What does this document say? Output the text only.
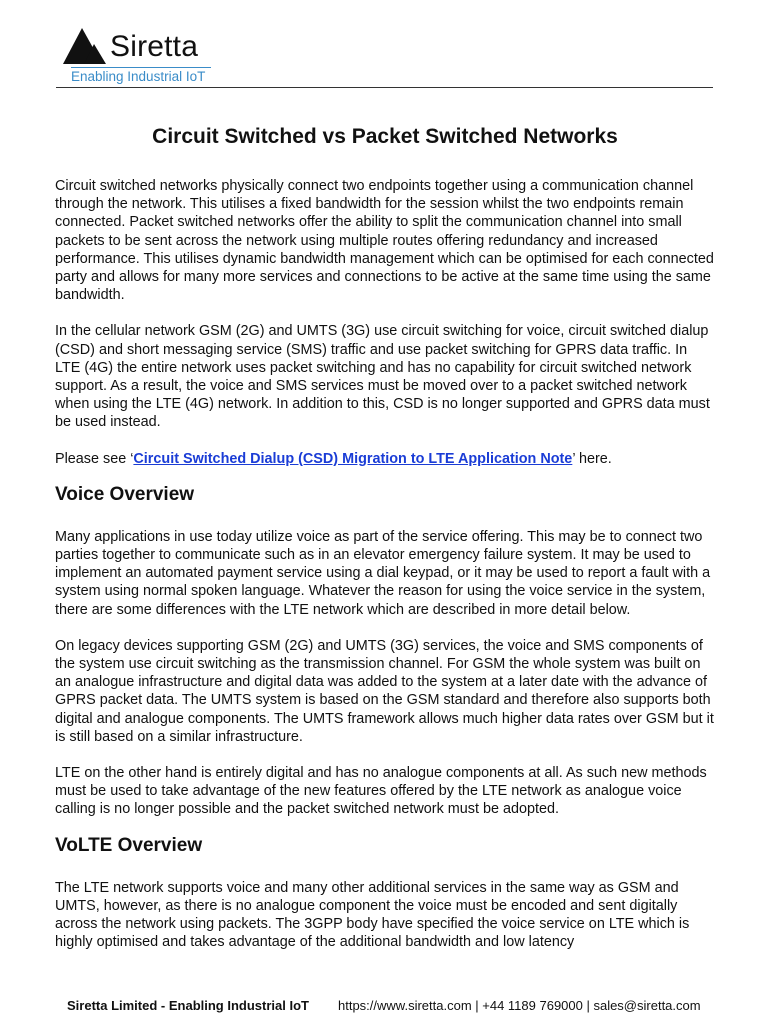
Siretta
Enabling Industrial IoT
Circuit Switched vs Packet Switched Networks

Circuit switched networks physically connect two endpoints together using a communication channel through the network. This utilises a fixed bandwidth for the session whilst the two endpoints remain connected. Packet switched networks offer the ability to split the communication channel into small packets to be sent across the network using multiple routes offering redundancy and increased performance. This utilises dynamic bandwidth management which can be optimised for each connected party and allows for many more services and connections to be active at the same time using the same bandwidth.

In the cellular network GSM (2G) and UMTS (3G) use circuit switching for voice, circuit switched dialup (CSD) and short messaging service (SMS) traffic and use packet switching for GPRS data traffic. In LTE (4G) the entire network uses packet switching and has no capability for circuit switched network support. As a result, the voice and SMS services must be moved over to a packet switched network when using the LTE (4G) network. In addition to this, CSD is no longer supported and GPRS data must be used instead.

Please see ‘Circuit Switched Dialup (CSD) Migration to LTE Application Note’ here.

Voice Overview

Many applications in use today utilize voice as part of the service offering. This may be to connect two parties together to communicate such as in an elevator emergency failure system. It may be used to implement an automated payment service using a dial keypad, or it may be used to report a fault with a system using normal spoken language. Whatever the reason for using the voice service in the system, there are some differences with the LTE network which are described in more detail below.

On legacy devices supporting GSM (2G) and UMTS (3G) services, the voice and SMS components of the system use circuit switching as the transmission channel. For GSM the whole system was built on an analogue infrastructure and digital data was added to the system at a later date with the advance of GPRS packet data. The UMTS system is based on the GSM standard and therefore also supports both digital and analogue components. The UMTS framework allows much higher data rates over GSM but it is still based on a similar infrastructure.

LTE on the other hand is entirely digital and has no analogue components at all. As such new methods must be used to take advantage of the new features offered by the LTE network as analogue voice calling is no longer possible and the packet switched network must be adopted.

VoLTE Overview

The LTE network supports voice and many other additional services in the same way as GSM and UMTS, however, as there is no analogue component the voice must be encoded and sent digitally across the network using packets. The 3GPP body have specified the voice service on LTE which is highly optimised and takes advantage of the additional bandwidth and low latency

Siretta Limited - Enabling Industrial IoT https://www.siretta.com | +44 1189 769000 | sales@siretta.com
